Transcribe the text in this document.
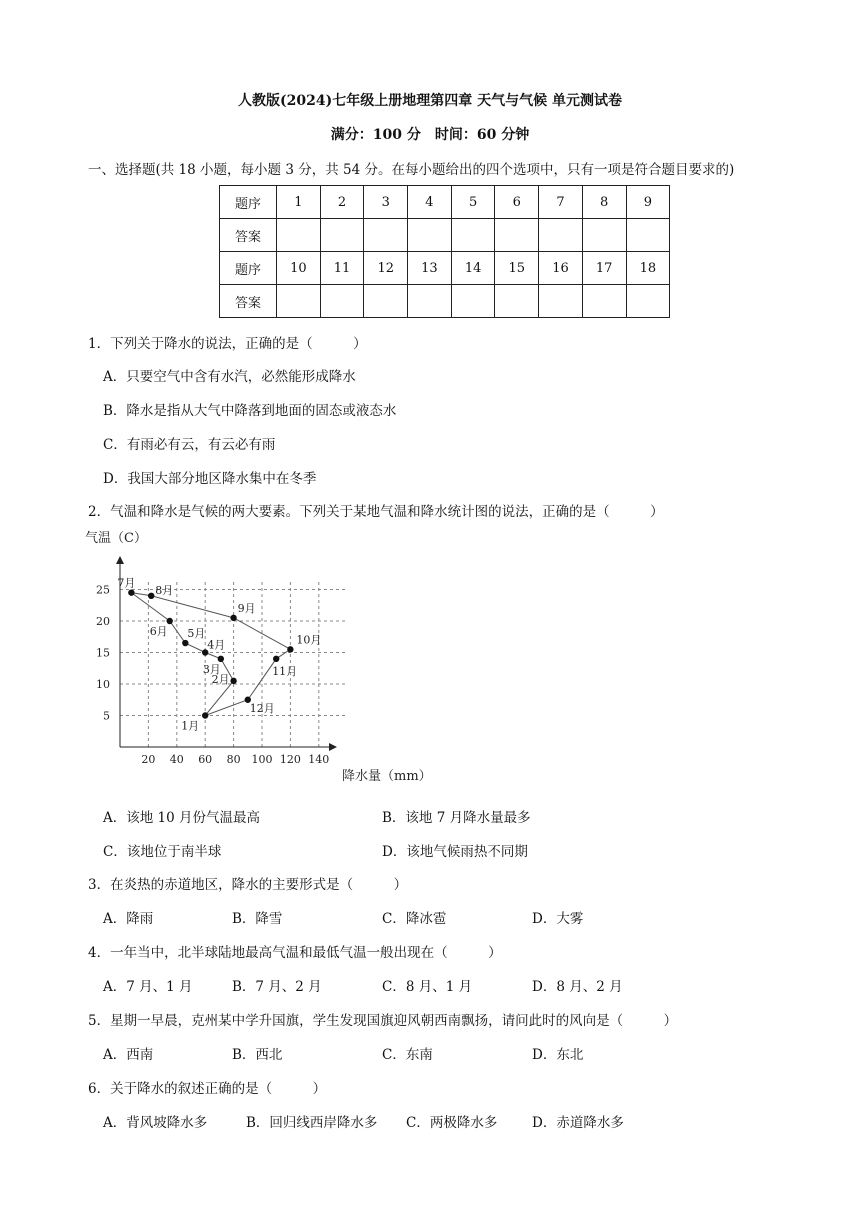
人教版(2024)七年级上册地理第四章 天气与气候 单元测试卷
满分：100 分　时间：60 分钟
一、选择题(共 18 小题，每小题 3 分，共 54 分。在每小题给出的四个选项中，只有一项是符合题目要求的)
题序	1	2	3	4	5	6	7	8	9
答案									
题序	10	11	12	13	14	15	16	17	18
答案									
1．下列关于降水的说法，正确的是（　　　）
A．只要空气中含有水汽，必然能形成降水
B．降水是指从大气中降落到地面的固态或液态水
C．有雨必有云，有云必有雨
D．我国大部分地区降水集中在冬季
2．气温和降水是气候的两大要素。下列关于某地气温和降水统计图的说法，正确的是（　　　）
气温（C）
降水量（mm）
20 40 60 80 100 120 140
5
10
15
20
25
1月
2月
3月
4月
5月
6月
7月
8月
9月
10月
11月
12月
A．该地 10 月份气温最高	B．该地 7 月降水量最多
C．该地位于南半球	D．该地气候雨热不同期
3．在炎热的赤道地区，降水的主要形式是（　　　）
A．降雨	B．降雪	C．降冰雹	D．大雾
4．一年当中，北半球陆地最高气温和最低气温一般出现在（　　　）
A．7 月、1 月	B．7 月、2 月	C．8 月、1 月	D．8 月、2 月
5．星期一早晨，克州某中学升国旗，学生发现国旗迎风朝西南飘扬，请问此时的风向是（　　　）
A．西南	B．西北	C．东南	D．东北
6．关于降水的叙述正确的是（　　　）
A．背风坡降水多	B．回归线西岸降水多 C．两极降水多	D．赤道降水多
